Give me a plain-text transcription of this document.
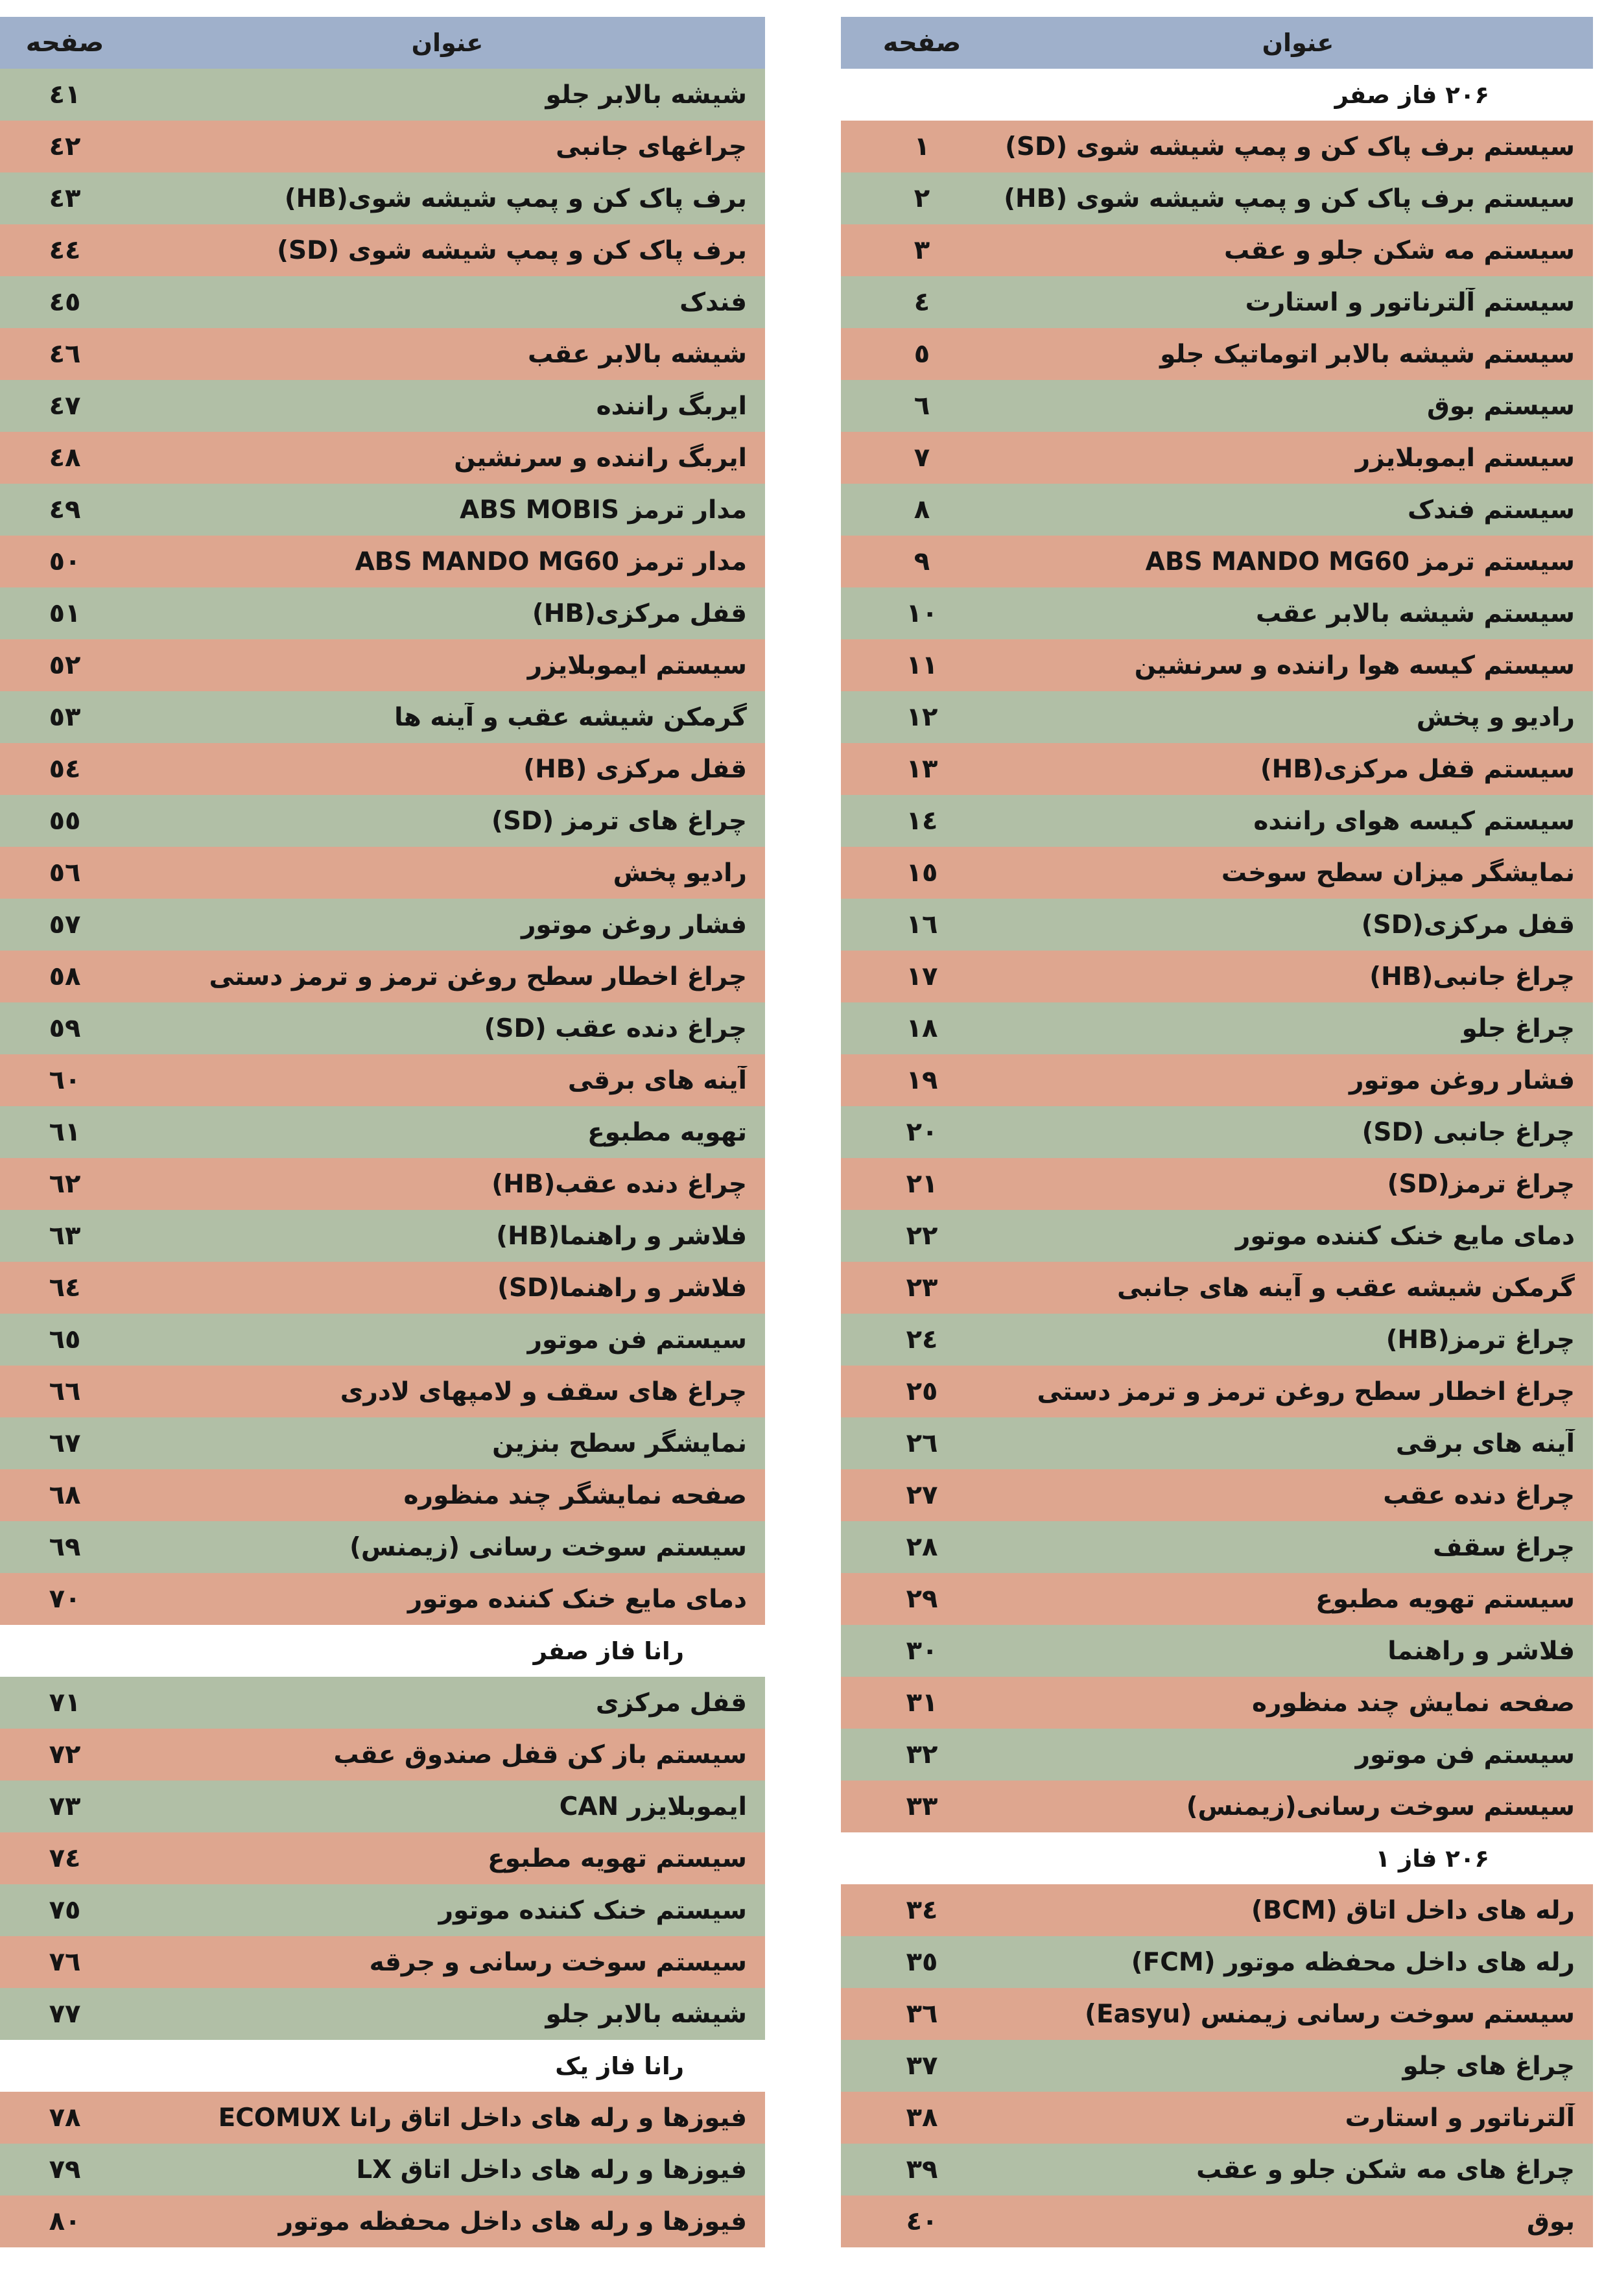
عنوان
صفحه
۲۰۶ فاز صفر
سیستم برف پاک کن و پمپ شیشه شوی (SD)
۱
سیستم برف پاک کن و پمپ شیشه شوی (HB)
۲
سیستم مه شکن جلو و عقب
۳
سیستم آلترناتور و استارت
٤
سیستم شیشه بالابر اتوماتیک جلو
٥
سیستم بوق
٦
سیستم ایموبلایزر
۷
سیستم فندک
۸
سیستم ترمز ABS MANDO MG60
۹
سیستم شیشه بالابر عقب
۱۰
سیستم کیسه هوا راننده و سرنشین
۱۱
رادیو و پخش
۱۲
سیستم قفل مرکزی(HB)
۱۳
سیستم کیسه هوای راننده
۱٤
نمایشگر میزان سطح سوخت
۱٥
قفل مرکزی(SD)
۱٦
چراغ جانبی(HB)
۱۷
چراغ جلو
۱۸
فشار روغن موتور
۱۹
چراغ جانبی (SD)
۲۰
چراغ ترمز(SD)
۲۱
دمای مایع خنک کننده موتور
۲۲
گرمکن شیشه عقب و آینه های جانبی
۲۳
چراغ ترمز(HB)
۲٤
چراغ اخطار سطح روغن ترمز و ترمز دستی
۲٥
آینه های برقی
۲٦
چراغ دنده عقب
۲۷
چراغ سقف
۲۸
سیستم تهویه مطبوع
۲۹
فلاشر و راهنما
۳۰
صفحه نمایش چند منظوره
۳۱
سیستم فن موتور
۳۲
سیستم سوخت رسانی(زیمنس)
۳۳
۲۰۶ فاز ۱
رله های داخل اتاق (BCM)
۳٤
رله های داخل محفظه موتور (FCM)
۳٥
سیستم سوخت رسانی زیمنس (Easyu)
۳٦
چراغ های جلو
۳۷
آلترناتور و استارت
۳۸
چراغ های مه شکن جلو و عقب
۳۹
بوق
٤۰
عنوان
صفحه
شیشه بالابر جلو
٤۱
چراغهای جانبی
٤۲
برف پاک کن و پمپ شیشه شوی(HB)
٤۳
برف پاک کن و پمپ شیشه شوی (SD)
٤٤
فندک
٤٥
شیشه بالابر عقب
٤٦
ایربگ راننده
٤۷
ایربگ راننده و سرنشین
٤۸
مدار ترمز ABS MOBIS
٤۹
مدار ترمز ABS MANDO MG60
٥۰
قفل مرکزی(HB)
٥۱
سیستم ایموبلایزر
٥۲
گرمکن شیشه عقب و آینه ها
٥۳
قفل مرکزی (HB)
٥٤
چراغ های ترمز (SD)
٥٥
رادیو پخش
٥٦
فشار روغن موتور
٥۷
چراغ اخطار سطح روغن ترمز و ترمز دستی
٥۸
چراغ دنده عقب (SD)
٥۹
آینه های برقی
٦۰
تهویه مطبوع
٦۱
چراغ دنده عقب(HB)
٦۲
فلاشر و راهنما(HB)
٦۳
فلاشر و راهنما(SD)
٦٤
سیستم فن موتور
٦٥
چراغ های سقف و لامپهای لادری
٦٦
نمایشگر سطح بنزین
٦۷
صفحه نمایشگر چند منظوره
٦۸
سیستم سوخت رسانی (زیمنس)
٦۹
دمای مایع خنک کننده موتور
۷۰
رانا فاز صفر
قفل مرکزی
۷۱
سیستم باز کن قفل صندوق عقب
۷۲
ایموبلایزر CAN
۷۳
سیستم تهویه مطبوع
۷٤
سیستم خنک کننده موتور
۷٥
سیستم سوخت رسانی و جرقه
۷٦
شیشه بالابر جلو
۷۷
رانا فاز یک
فیوزها و رله های داخل اتاق رانا ECOMUX
۷۸
فیوزها و رله های داخل اتاق LX
۷۹
فیوزها و رله های داخل محفظه موتور
۸۰
